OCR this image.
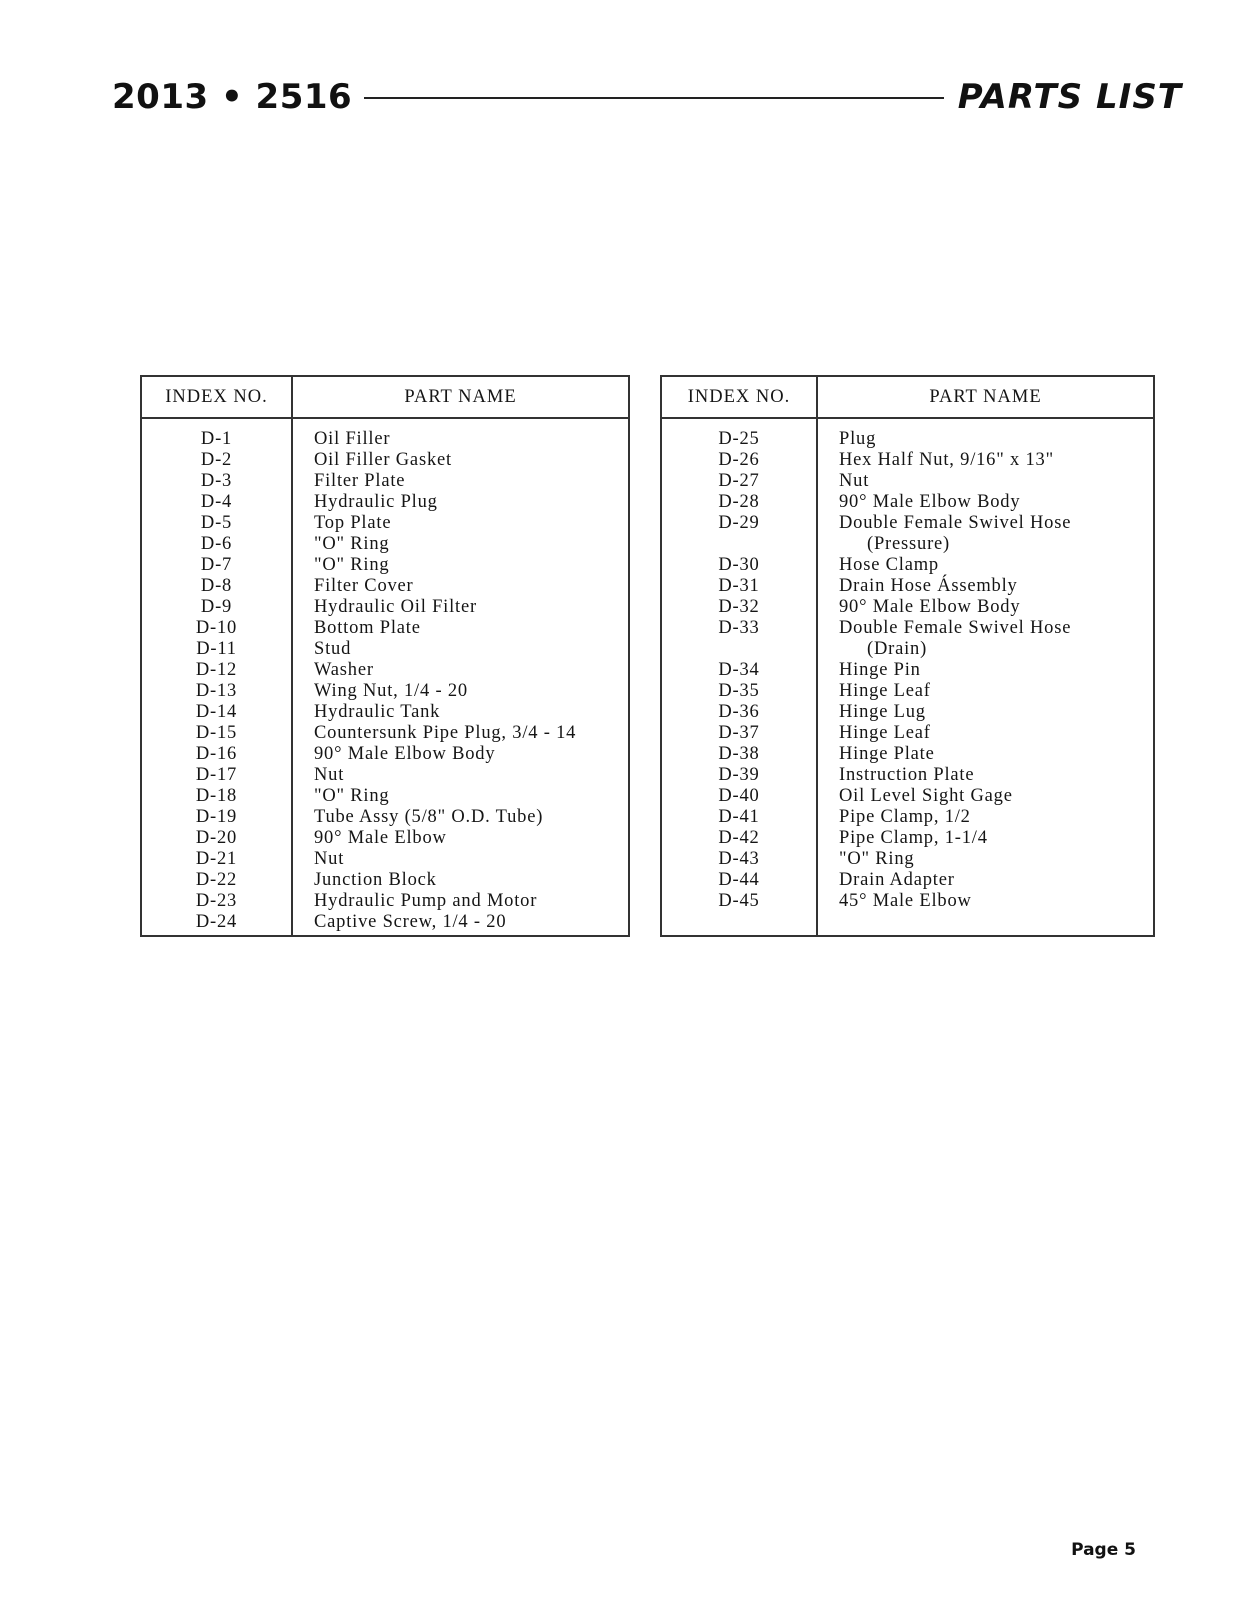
2013 • 2516	PARTS LIST
INDEX NO.	PART NAME
D-1	Oil Filler
D-2	Oil Filler Gasket
D-3	Filter Plate
D-4	Hydraulic Plug
D-5	Top Plate
D-6	"O" Ring
D-7	"O" Ring
D-8	Filter Cover
D-9	Hydraulic Oil Filter
D-10	Bottom Plate
D-11	Stud
D-12	Washer
D-13	Wing Nut, 1/4 - 20
D-14	Hydraulic Tank
D-15	Countersunk Pipe Plug, 3/4 - 14
D-16	90° Male Elbow Body
D-17	Nut
D-18	"O" Ring
D-19	Tube Assy (5/8" O.D. Tube)
D-20	90° Male Elbow
D-21	Nut
D-22	Junction Block
D-23	Hydraulic Pump and Motor
D-24	Captive Screw, 1/4 - 20
INDEX NO.	PART NAME
D-25	Plug
D-26	Hex Half Nut, 9/16" x 13"
D-27	Nut
D-28	90° Male Elbow Body
D-29	Double Female Swivel Hose
(Pressure)
D-30	Hose Clamp
D-31	Drain Hose Ássembly
D-32	90° Male Elbow Body
D-33	Double Female Swivel Hose
(Drain)
D-34	Hinge Pin
D-35	Hinge Leaf
D-36	Hinge Lug
D-37	Hinge Leaf
D-38	Hinge Plate
D-39	Instruction Plate
D-40	Oil Level Sight Gage
D-41	Pipe Clamp, 1/2
D-42	Pipe Clamp, 1-1/4
D-43	"O" Ring
D-44	Drain Adapter
D-45	45° Male Elbow
Page 5
